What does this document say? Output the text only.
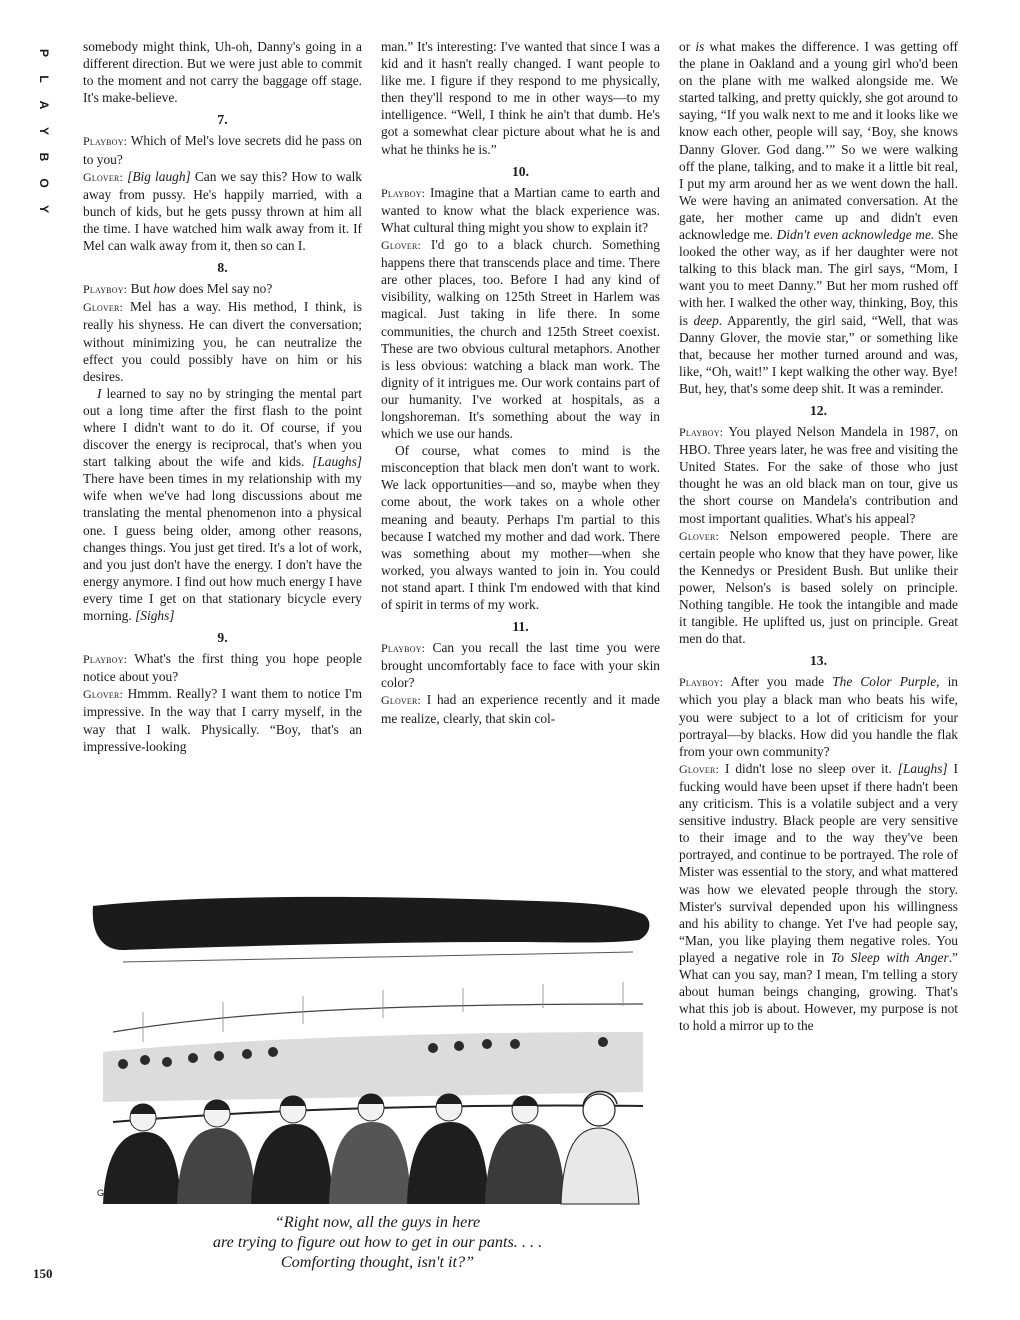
P
L
A
Y
B
O
Y

somebody might think, Uh-oh, Danny's going in a different direction. But we were just able to commit to the moment and not carry the baggage off stage. It's make-believe.

7.

Playboy: Which of Mel's love secrets did he pass on to you?

Glover: [Big laugh] Can we say this? How to walk away from pussy. He's happily married, with a bunch of kids, but he gets pussy thrown at him all the time. I have watched him walk away from it. If Mel can walk away from it, then so can I.

8.

Playboy: But how does Mel say no?

Glover: Mel has a way. His method, I think, is really his shyness. He can divert the conversation; without minimizing you, he can neutralize the effect you could possibly have on him or his desires.

I learned to say no by stringing the mental part out a long time after the first flash to the point where I didn't want to do it. Of course, if you discover the energy is reciprocal, that's when you start talking about the wife and kids. [Laughs] There have been times in my relationship with my wife when we've had long discussions about me translating the mental phenomenon into a physical one. I guess being older, among other reasons, changes things. You just get tired. It's a lot of work, and you just don't have the energy. I don't have the energy anymore. I find out how much energy I have every time I get on that stationary bicycle every morning. [Sighs]

9.

Playboy: What's the first thing you hope people notice about you?

Glover: Hmmm. Really? I want them to notice I'm impressive. In the way that I carry myself, in the way that I walk. Physically. “Boy, that's an impressive-looking

man.” It's interesting: I've wanted that since I was a kid and it hasn't really changed. I want people to like me. I figure if they respond to me physically, then they'll respond to me in other ways—to my intelligence. “Well, I think he ain't that dumb. He's got a somewhat clear picture about what he is and what he thinks he is.”

10.

Playboy: Imagine that a Martian came to earth and wanted to know what the black experience was. What cultural thing might you show to explain it?

Glover: I'd go to a black church. Something happens there that transcends place and time. There are other places, too. Before I had any kind of visibility, walking on 125th Street in Harlem was magical. Just taking in life there. In some communities, the church and 125th Street coexist. These are two obvious cultural metaphors. Another is less obvious: watching a black man work. The dignity of it intrigues me. Our work contains part of our humanity. I've worked at hospitals, as a longshoreman. It's something about the way in which we use our hands.

Of course, what comes to mind is the misconception that black men don't want to work. We lack opportunities—and so, maybe when they come about, the work takes on a whole other meaning and beauty. Perhaps I'm partial to this because I watched my mother and dad work. There was something about my mother—when she worked, you always wanted to join in. You could not stand apart. I think I'm endowed with that kind of spirit in terms of my work.

11.

Playboy: Can you recall the last time you were brought uncomfortably face to face with your skin color?

Glover: I had an experience recently and it made me realize, clearly, that skin col-

or is what makes the difference. I was getting off the plane in Oakland and a young girl who'd been on the plane with me walked alongside me. We started talking, and pretty quickly, she got around to saying, “If you walk next to me and it looks like we know each other, people will say, ‘Boy, she knows Danny Glover. God dang.’” So we were walking off the plane, talking, and to make it a little bit real, I put my arm around her as we went down the hall. We were having an animated conversation. At the gate, her mother came up and didn't even acknowledge me. Didn't even acknowledge me. She looked the other way, as if her daughter were not talking to this black man. The girl says, “Mom, I want you to meet Danny.” But her mom rushed off with her. I walked the other way, thinking, Boy, this is deep. Apparently, the girl said, “Well, that was Danny Glover, the movie star,” or something like that, because her mother turned around and was, like, “Oh, wait!” I kept walking the other way. Bye! But, hey, that's some deep shit. It was a reminder.

12.

Playboy: You played Nelson Mandela in 1987, on HBO. Three years later, he was free and visiting the United States. For the sake of those who just thought he was an old black man on tour, give us the short course on Mandela's contribution and most important qualities. What's his appeal?

Glover: Nelson empowered people. There are certain people who know that they have power, like the Kennedys or President Bush. But unlike their power, Nelson's is based solely on principle. Nothing tangible. He took the intangible and made it tangible. He uplifted us, just on principle. Great men do that.

13.

Playboy: After you made The Color Purple, in which you play a black man who beats his wife, you were subject to a lot of criticism for your portrayal—by blacks. How did you handle the flak from your own community?

Glover: I didn't lose no sleep over it. [Laughs] I fucking would have been upset if there hadn't been any criticism. This is a volatile subject and a very sensitive industry. Black people are very sensitive to their image and to the way they've been portrayed, and continue to be portrayed. The role of Mister was essential to the story, and what mattered was how we elevated people through the story. Mister's survival depended upon his willingness and his ability to change. Yet I've had people say, “Man, you like playing them negative roles. You played a negative role in To Sleep with Anger.” What can you say, man? I mean, I'm telling a story about human beings changing, growing. That's what this job is about. However, my purpose is not to hold a mirror up to the

GAPEL
“Right now, all the guys in here
are trying to figure out how to get in our pants. . . .
Comforting thought, isn't it?”
150
